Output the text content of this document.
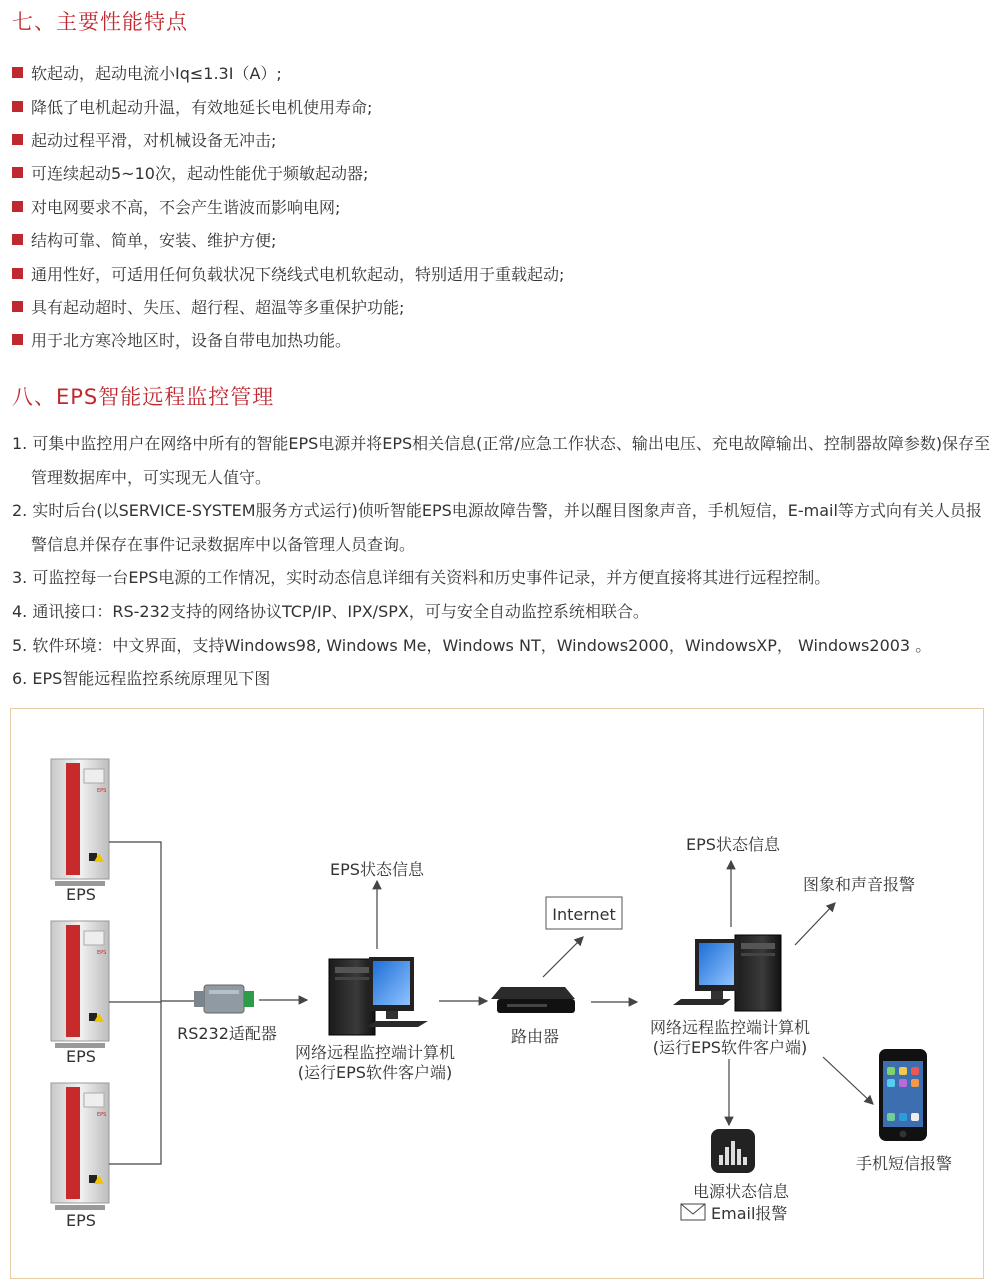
七、主要性能特点
软起动，起动电流小Iq≤1.3I（A）;
降低了电机起动升温，有效地延长电机使用寿命;
起动过程平滑，对机械设备无冲击;
可连续起动5~10次，起动性能优于频敏起动器;
对电网要求不高，不会产生谐波而影响电网;
结构可靠、简单，安装、维护方便;
通用性好，可适用任何负载状况下绕线式电机软起动，特别适用于重载起动;
具有起动超时、失压、超行程、超温等多重保护功能;
用于北方寒冷地区时，设备自带电加热功能。
八、EPS智能远程监控管理
1. 可集中监控用户在网络中所有的智能EPS电源并将EPS相关信息(正常/应急工作状态、输出电压、充电故障输出、控制器故障参数)保存至管理数据库中，可实现无人值守。
2. 实时后台(以SERVICE-SYSTEM服务方式运行)侦听智能EPS电源故障告警，并以醒目图象声音，手机短信，E-mail等方式向有关人员报警信息并保存在事件记录数据库中以备管理人员查询。
3. 可监控每一台EPS电源的工作情况，实时动态信息详细有关资料和历史事件记录，并方便直接将其进行远程控制。
4. 通讯接口：RS-232支持的网络协议TCP/IP、IPX/SPX，可与安全自动监控系统相联合。
5. 软件环境：中文界面，支持Windows98, Windows Me，Windows NT，Windows2000，WindowsXP， Windows2003 。
6. EPS智能远程监控系统原理见下图
EPS
EPS
EPS
EPS
EPS
EPS
RS232适配器
EPS状态信息
网络远程监控端计算机
(运行EPS软件客户端)
Internet
路由器
EPS状态信息
图象和声音报警
网络远程监控端计算机
(运行EPS软件客户端)
手机短信报警
电源状态信息
Email报警
